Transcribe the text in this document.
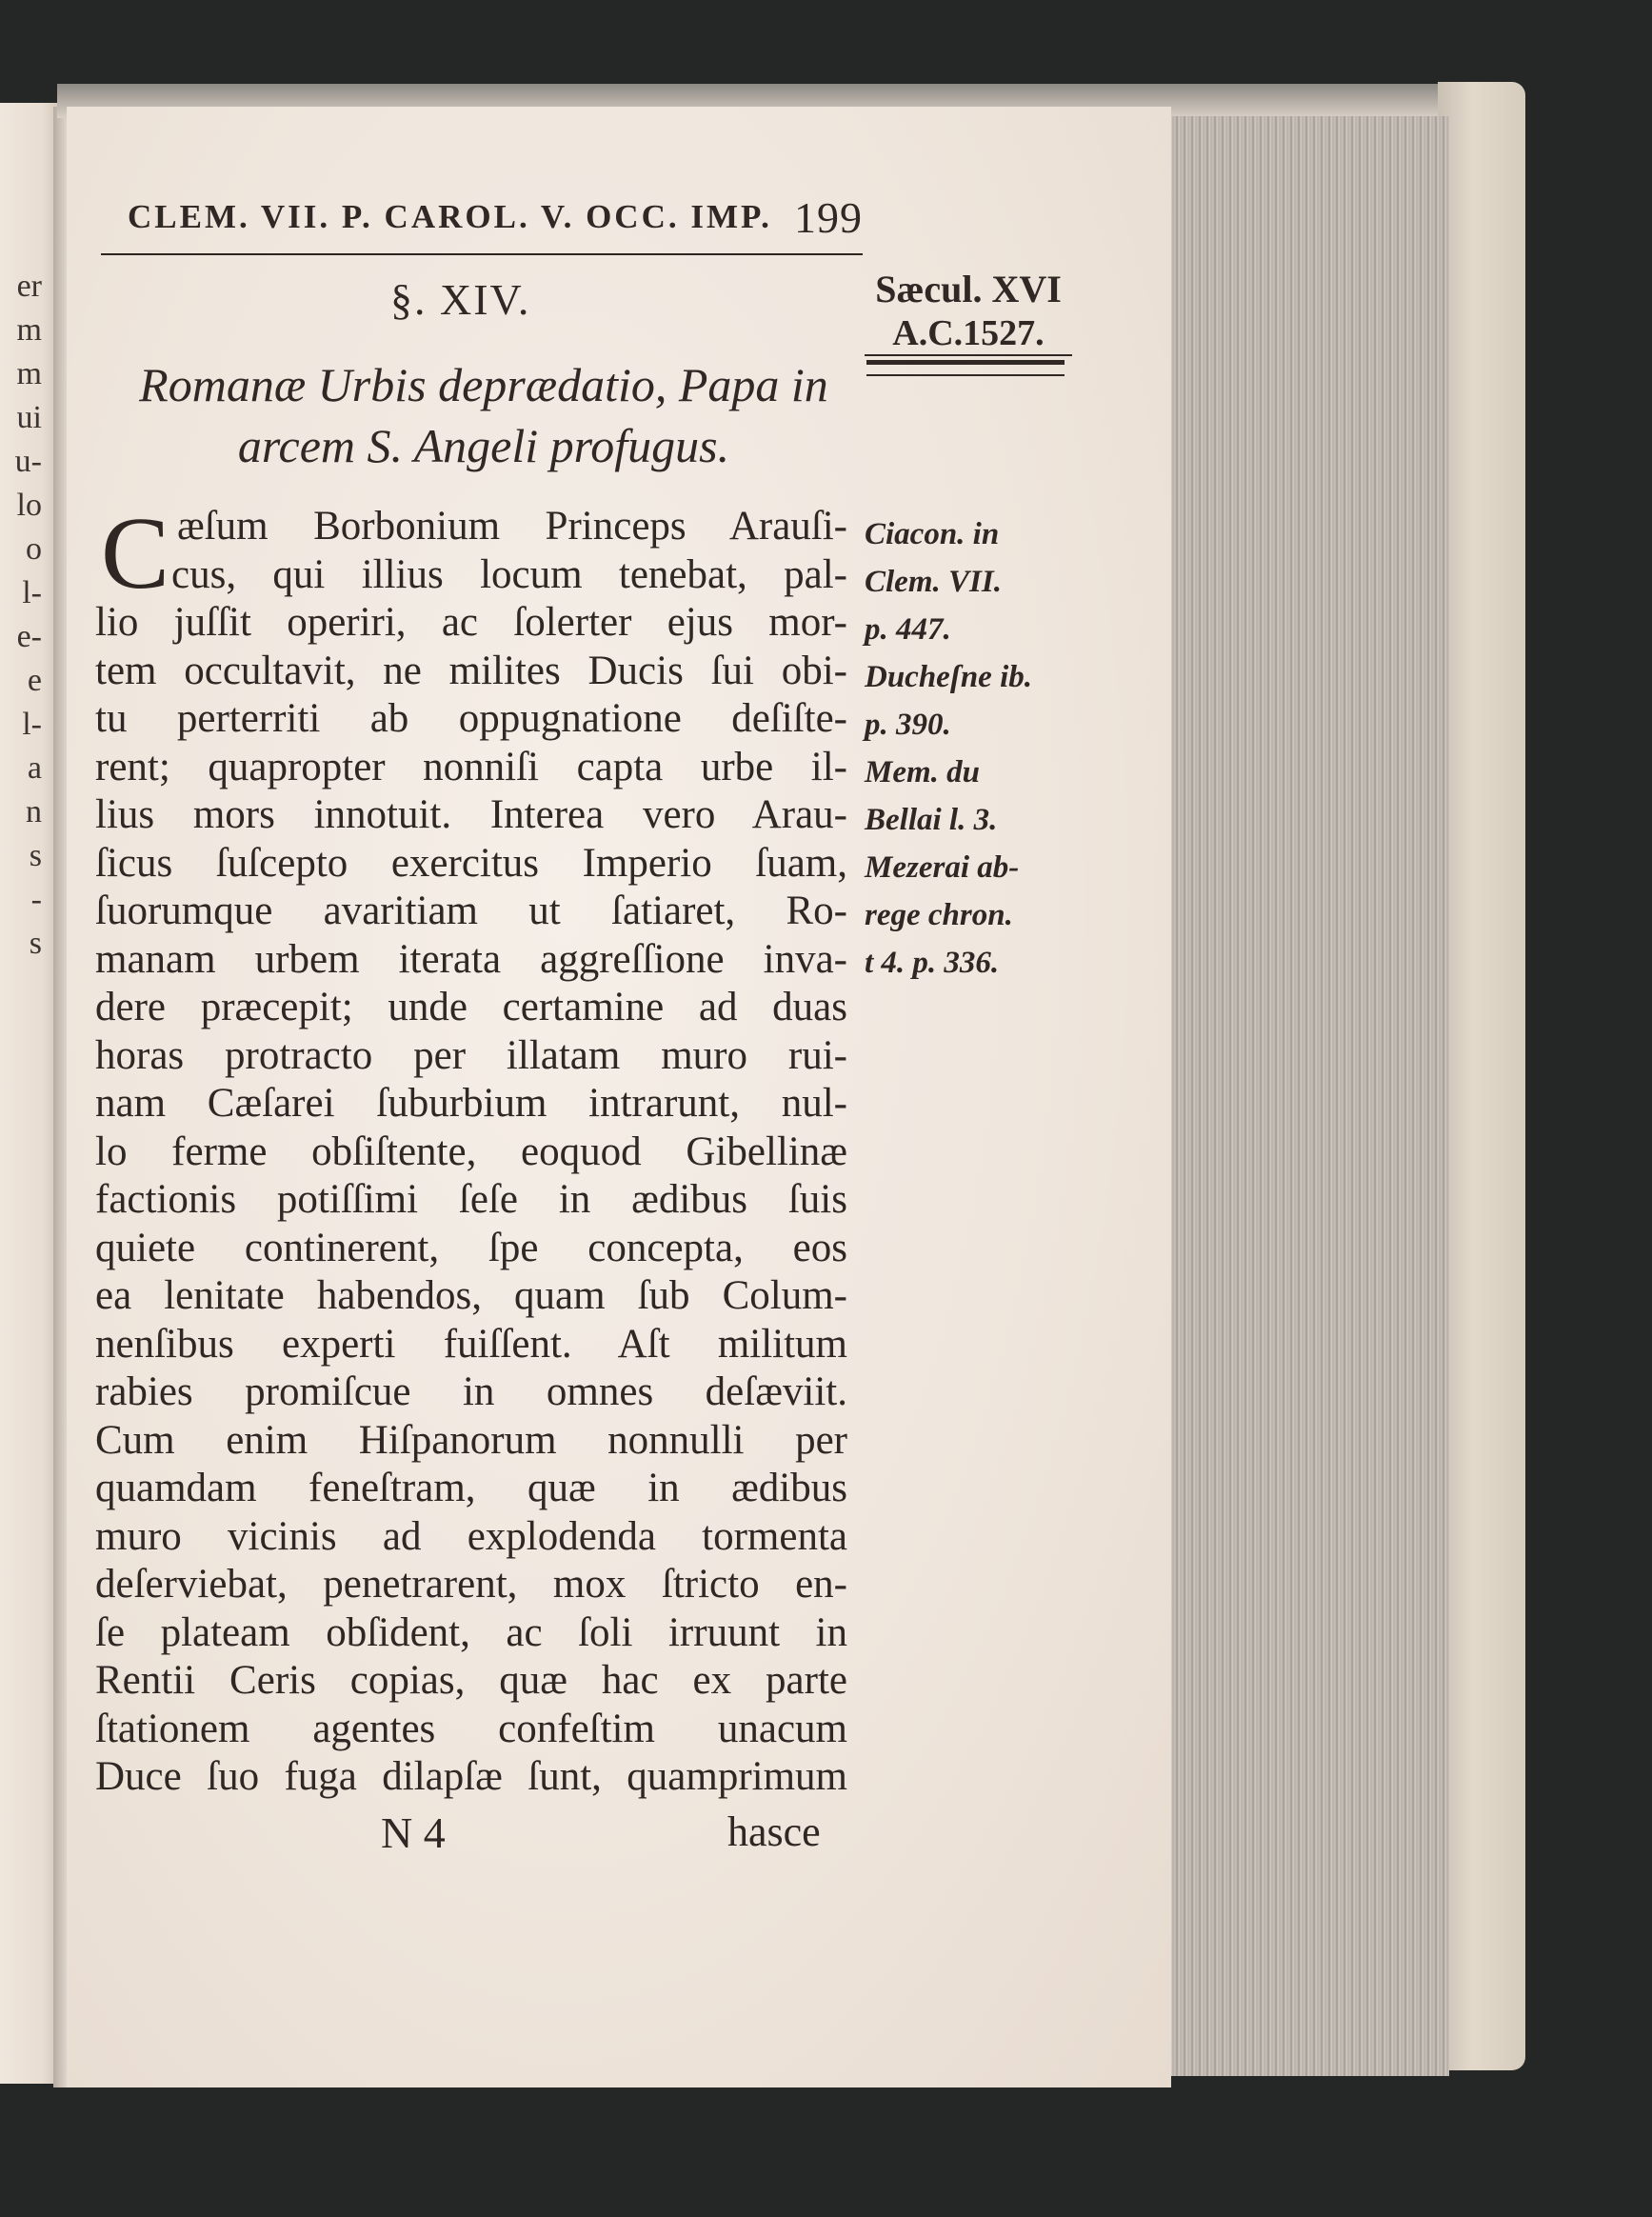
er
m
m
ui
u-
lo
o
l-
e-
e
l-
a
n
s
-
s
CLEM. VII. P. CAROL. V. OCC. IMP. 199
Sæcul. XVI
A.C.1527.
§. XIV.
Romanæ Urbis deprædatio, Papa in
arcem S. Angeli profugus.
C æſum Borbonium Princeps Arauſi-
cus, qui illius locum tenebat, pal-
lio juſſit operiri, ac ſolerter ejus mor-
tem occultavit, ne milites Ducis ſui obi-
tu perterriti ab oppugnatione deſiſte-
rent; quapropter nonniſi capta urbe il-
lius mors innotuit. Interea vero Arau-
ſicus ſuſcepto exercitus Imperio ſuam,
ſuorumque avaritiam ut ſatiaret, Ro-
manam urbem iterata aggreſſione inva-
dere præcepit; unde certamine ad duas
horas protracto per illatam muro rui-
nam Cæſarei ſuburbium intrarunt, nul-
lo ferme obſiſtente, eoquod Gibellinæ
factionis potiſſimi ſeſe in ædibus ſuis
quiete continerent, ſpe concepta, eos
ea lenitate habendos, quam ſub Colum-
nenſibus experti fuiſſent. Aſt militum
rabies promiſcue in omnes deſæviit.
Cum enim Hiſpanorum nonnulli per
quamdam feneſtram, quæ in ædibus
muro vicinis ad explodenda tormenta
deſerviebat, penetrarent, mox ſtricto en-
ſe plateam obſident, ac ſoli irruunt in
Rentii Ceris copias, quæ hac ex parte
ſtationem agentes confeſtim unacum
Duce ſuo fuga dilapſæ ſunt, quamprimum
Ciacon. in
Clem. VII.
p. 447.
Ducheſne ib.
p. 390.
Mem. du
Bellai l. 3.
Mezerai ab-
rege chron.
t 4. p. 336.
N 4	hasce
